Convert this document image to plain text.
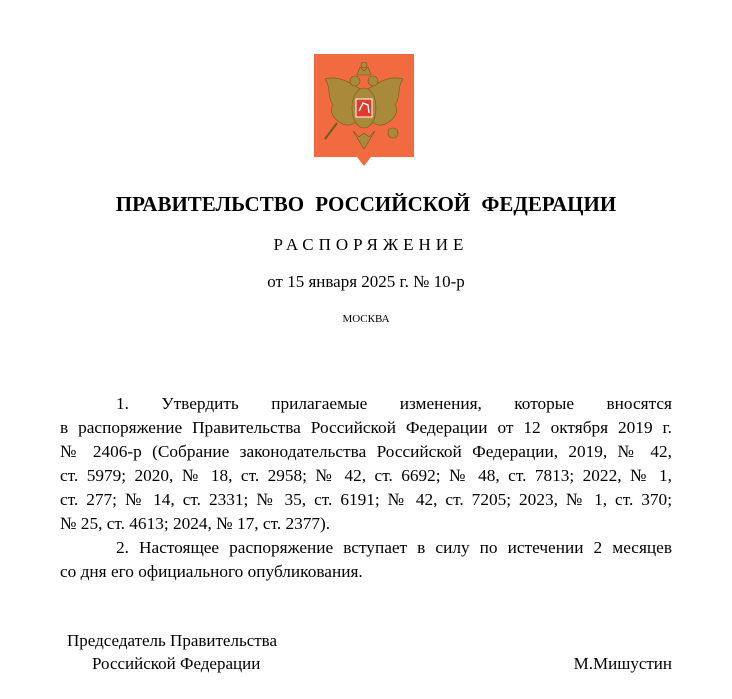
ПРАВИТЕЛЬСТВО РОССИЙСКОЙ ФЕДЕРАЦИИ
РАСПОРЯЖЕНИЕ
от 15 января 2025 г. № 10-р
МОСКВА
1. Утвердить прилагаемые изменения, которые вносятся
в распоряжение Правительства Российской Федерации от 12 октября 2019 г.
№ 2406-р (Собрание законодательства Российской Федерации, 2019, № 42,
ст. 5979; 2020, № 18, ст. 2958; № 42, ст. 6692; № 48, ст. 7813; 2022, № 1,
ст. 277; № 14, ст. 2331; № 35, ст. 6191; № 42, ст. 7205; 2023, № 1, ст. 370;
№ 25, ст. 4613; 2024, № 17, ст. 2377).
2. Настоящее распоряжение вступает в силу по истечении 2 месяцев
со дня его официального опубликования.
Председатель Правительства
Российской Федерации	М.Мишустин
